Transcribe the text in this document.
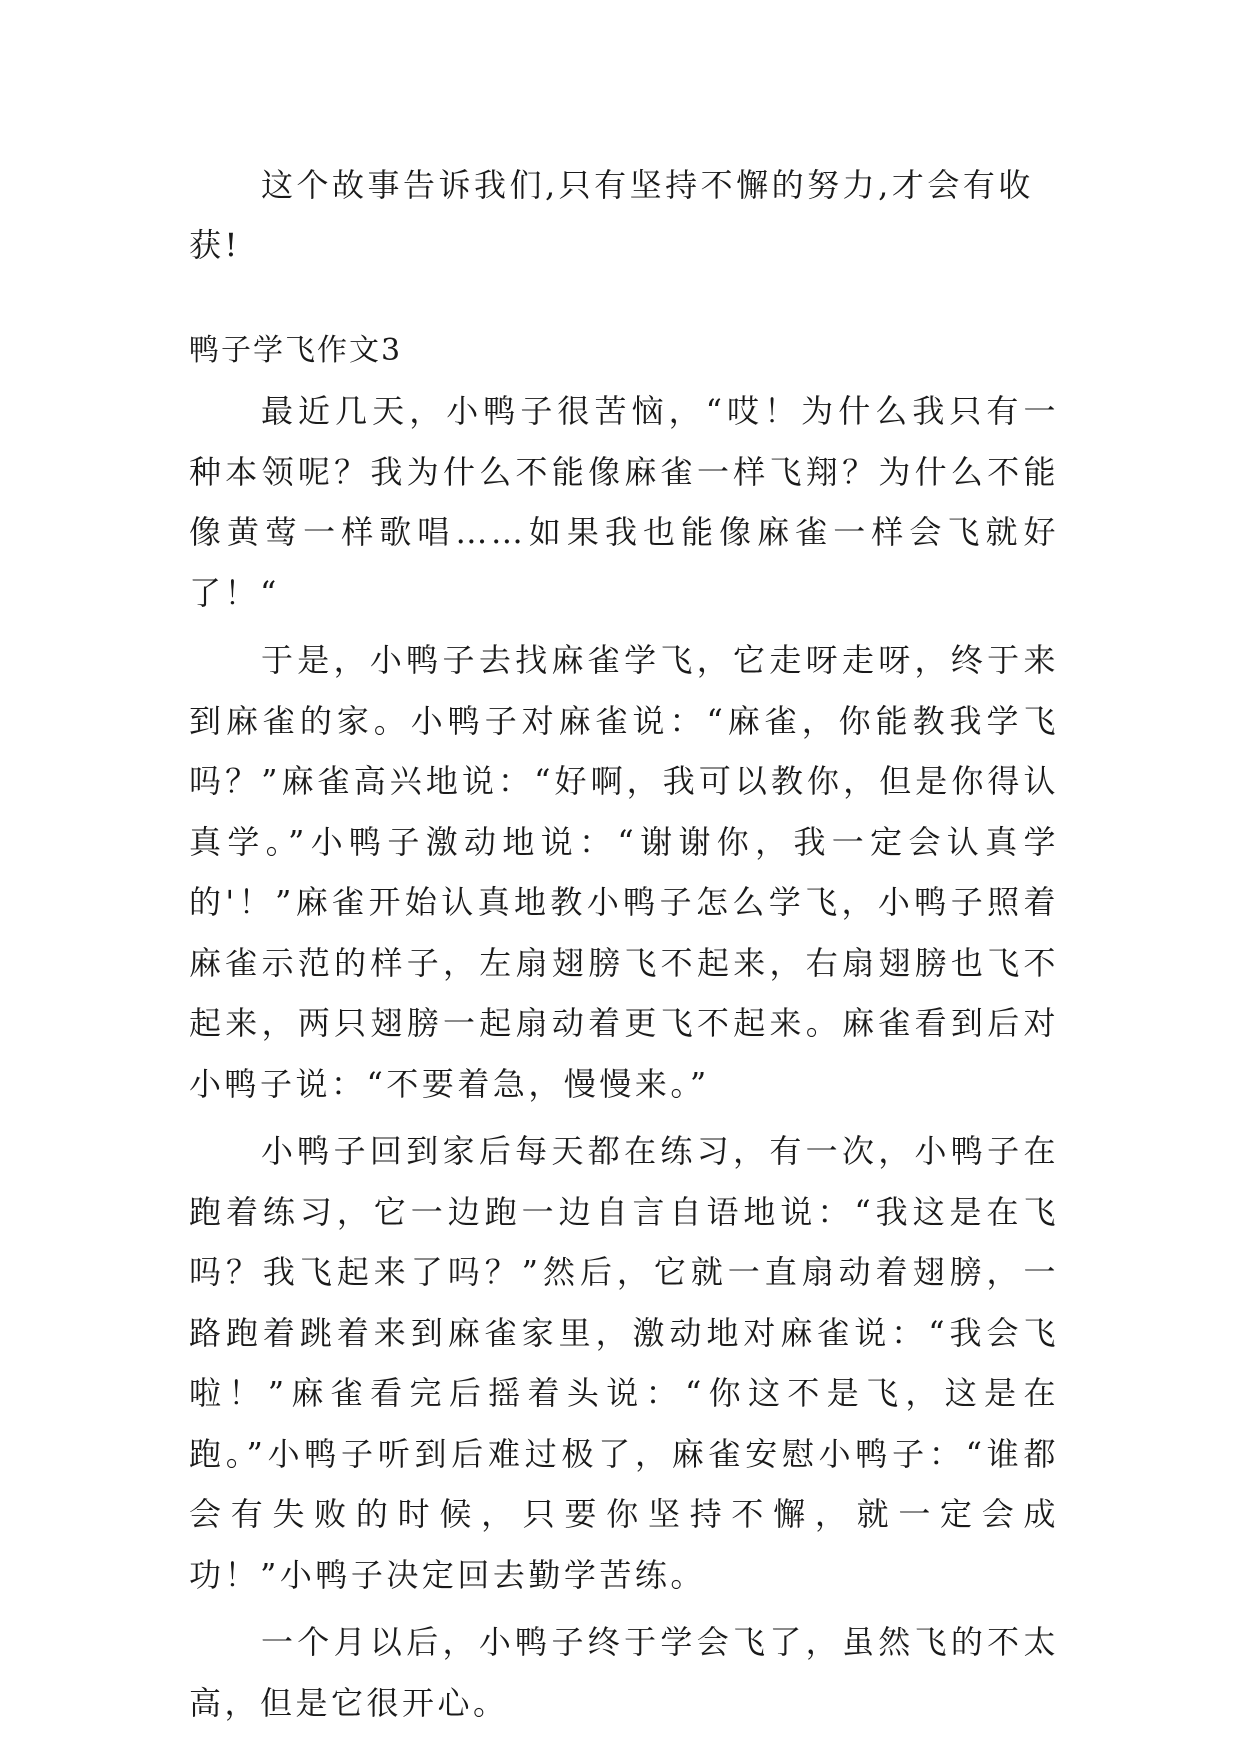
这个故事告诉我们,只有坚持不懈的努力,才会有收获!

鸭子学飞作文3

最近几天，小鸭子很苦恼，“哎！为什么我只有一种本领呢？我为什么不能像麻雀一样飞翔？为什么不能像黄莺一样歌唱……如果我也能像麻雀一样会飞就好了！“

于是，小鸭子去找麻雀学飞，它走呀走呀，终于来到麻雀的家。小鸭子对麻雀说：“麻雀，你能教我学飞吗？”麻雀高兴地说：“好啊，我可以教你，但是你得认真学。”小鸭子激动地说：“谢谢你，我一定会认真学的'！”麻雀开始认真地教小鸭子怎么学飞，小鸭子照着麻雀示范的样子，左扇翅膀飞不起来，右扇翅膀也飞不起来，两只翅膀一起扇动着更飞不起来。麻雀看到后对小鸭子说：“不要着急，慢慢来。”

小鸭子回到家后每天都在练习，有一次，小鸭子在跑着练习，它一边跑一边自言自语地说：“我这是在飞吗？我飞起来了吗？”然后，它就一直扇动着翅膀，一路跑着跳着来到麻雀家里，激动地对麻雀说：“我会飞啦！”麻雀看完后摇着头说：“你这不是飞，这是在跑。”小鸭子听到后难过极了，麻雀安慰小鸭子：“谁都会有失败的时候，只要你坚持不懈，就一定会成功！”小鸭子决定回去勤学苦练。

一个月以后，小鸭子终于学会飞了，虽然飞的不太高，但是它很开心。
